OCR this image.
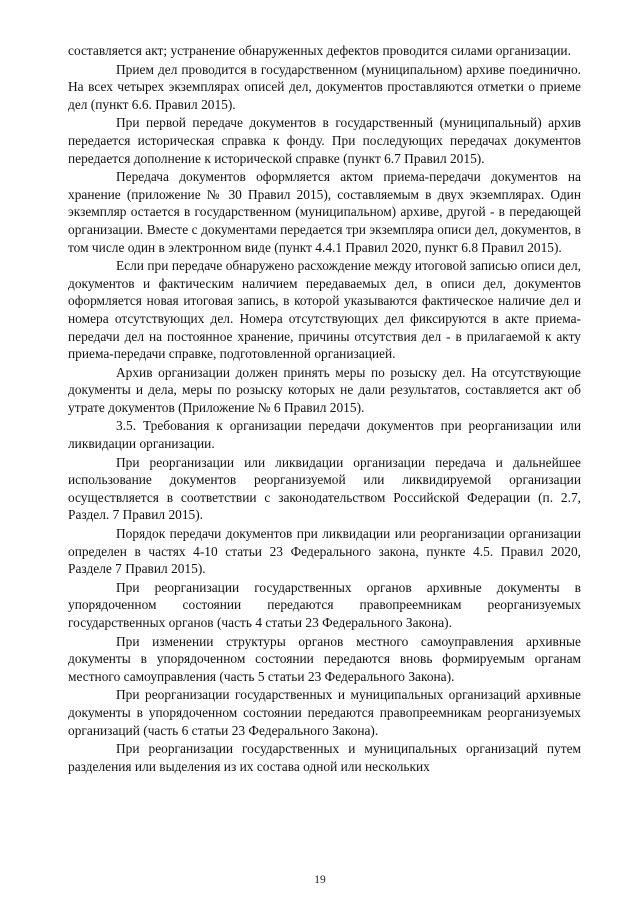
составляется акт; устранение обнаруженных дефектов проводится силами организации.

Прием дел проводится в государственном (муниципальном) архиве поединично. На всех четырех экземплярах описей дел, документов проставляются отметки о приеме дел (пункт 6.6. Правил 2015).

При первой передаче документов в государственный (муниципальный) архив передается историческая справка к фонду. При последующих передачах документов передается дополнение к исторической справке (пункт 6.7 Правил 2015).

Передача документов оформляется актом приема-передачи документов на хранение (приложение № 30 Правил 2015), составляемым в двух экземплярах. Один экземпляр остается в государственном (муниципальном) архиве, другой - в передающей организации. Вместе с документами передается три экземпляра описи дел, документов, в том числе один в электронном виде (пункт 4.4.1 Правил 2020, пункт 6.8 Правил 2015).

Если при передаче обнаружено расхождение между итоговой записью описи дел, документов и фактическим наличием передаваемых дел, в описи дел, документов оформляется новая итоговая запись, в которой указываются фактическое наличие дел и номера отсутствующих дел. Номера отсутствующих дел фиксируются в акте приема- передачи дел на постоянное хранение, причины отсутствия дел - в прилагаемой к акту приема-передачи справке, подготовленной организацией.

Архив организации должен принять меры по розыску дел. На отсутствующие документы и дела, меры по розыску которых не дали результатов, составляется акт об утрате документов (Приложение № 6 Правил 2015).

3.5. Требования к организации передачи документов при реорганизации или ликвидации организации.

При реорганизации или ликвидации организации передача и дальнейшее использование документов реорганизуемой или ликвидируемой организации осуществляется в соответствии с законодательством Российской Федерации (п. 2.7, Раздел. 7 Правил 2015).

Порядок передачи документов при ликвидации или реорганизации организации определен в частях 4-10 статьи 23 Федерального закона, пункте 4.5. Правил 2020, Разделе 7 Правил 2015).

При реорганизации государственных органов архивные документы в упорядоченном состоянии передаются правопреемникам реорганизуемых государственных органов (часть 4 статьи 23 Федерального Закона).

При изменении структуры органов местного самоуправления архивные документы в упорядоченном состоянии передаются вновь формируемым органам местного самоуправления (часть 5 статьи 23 Федерального Закона).

При реорганизации государственных и муниципальных организаций архивные документы в упорядоченном состоянии передаются правопреемникам реорганизуемых организаций (часть 6 статьи 23 Федерального Закона).

При реорганизации государственных и муниципальных организаций путем разделения или выделения из их состава одной или нескольких

19
